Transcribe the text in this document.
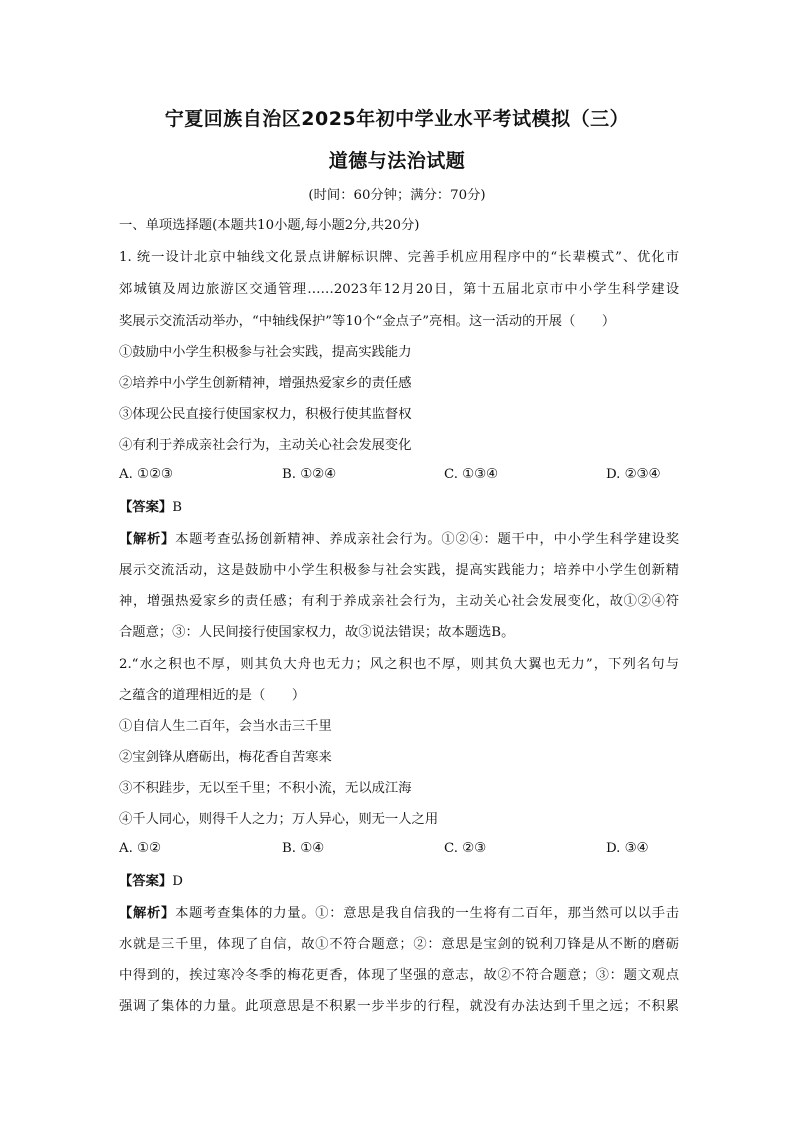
宁夏回族自治区2025年初中学业水平考试模拟（三）
道德与法治试题
(时间：60分钟；满分：70分)
一、单项选择题(本题共10小题,每小题2分,共20分)
1. 统一设计北京中轴线文化景点讲解标识牌、完善手机应用程序中的“长辈模式”、优化市
郊城镇及周边旅游区交通管理……2023年12月20日，第十五届北京市中小学生科学建设
奖展示交流活动举办，“中轴线保护”等10个“金点子”亮相。这一活动的开展（　　）
①鼓励中小学生积极参与社会实践，提高实践能力
②培养中小学生创新精神，增强热爱家乡的责任感
③体现公民直接行使国家权力，积极行使其监督权
④有利于养成亲社会行为，主动关心社会发展变化
A. ①②③	B. ①②④	C. ①③④	D. ②③④
【答案】B
【解析】本题考查弘扬创新精神、养成亲社会行为。①②④：题干中，中小学生科学建设奖
展示交流活动，这是鼓励中小学生积极参与社会实践，提高实践能力；培养中小学生创新精
神，增强热爱家乡的责任感；有利于养成亲社会行为，主动关心社会发展变化，故①②④符
合题意；③：人民间接行使国家权力，故③说法错误；故本题选B。
2.“水之积也不厚，则其负大舟也无力；风之积也不厚，则其负大翼也无力”，下列名句与
之蕴含的道理相近的是（　　）
①自信人生二百年，会当水击三千里
②宝剑锋从磨砺出，梅花香自苦寒来
③不积跬步，无以至千里；不积小流，无以成江海
④千人同心，则得千人之力；万人异心，则无一人之用
A. ①②	B. ①④	C. ②③	D. ③④
【答案】D
【解析】本题考查集体的力量。①：意思是我自信我的一生将有二百年，那当然可以以手击
水就是三千里，体现了自信，故①不符合题意；②：意思是宝剑的锐利刀锋是从不断的磨砺
中得到的，挨过寒冷冬季的梅花更香，体现了坚强的意志，故②不符合题意；③：题文观点
强调了集体的力量。此项意思是不积累一步半步的行程，就没有办法达到千里之远；不积累
